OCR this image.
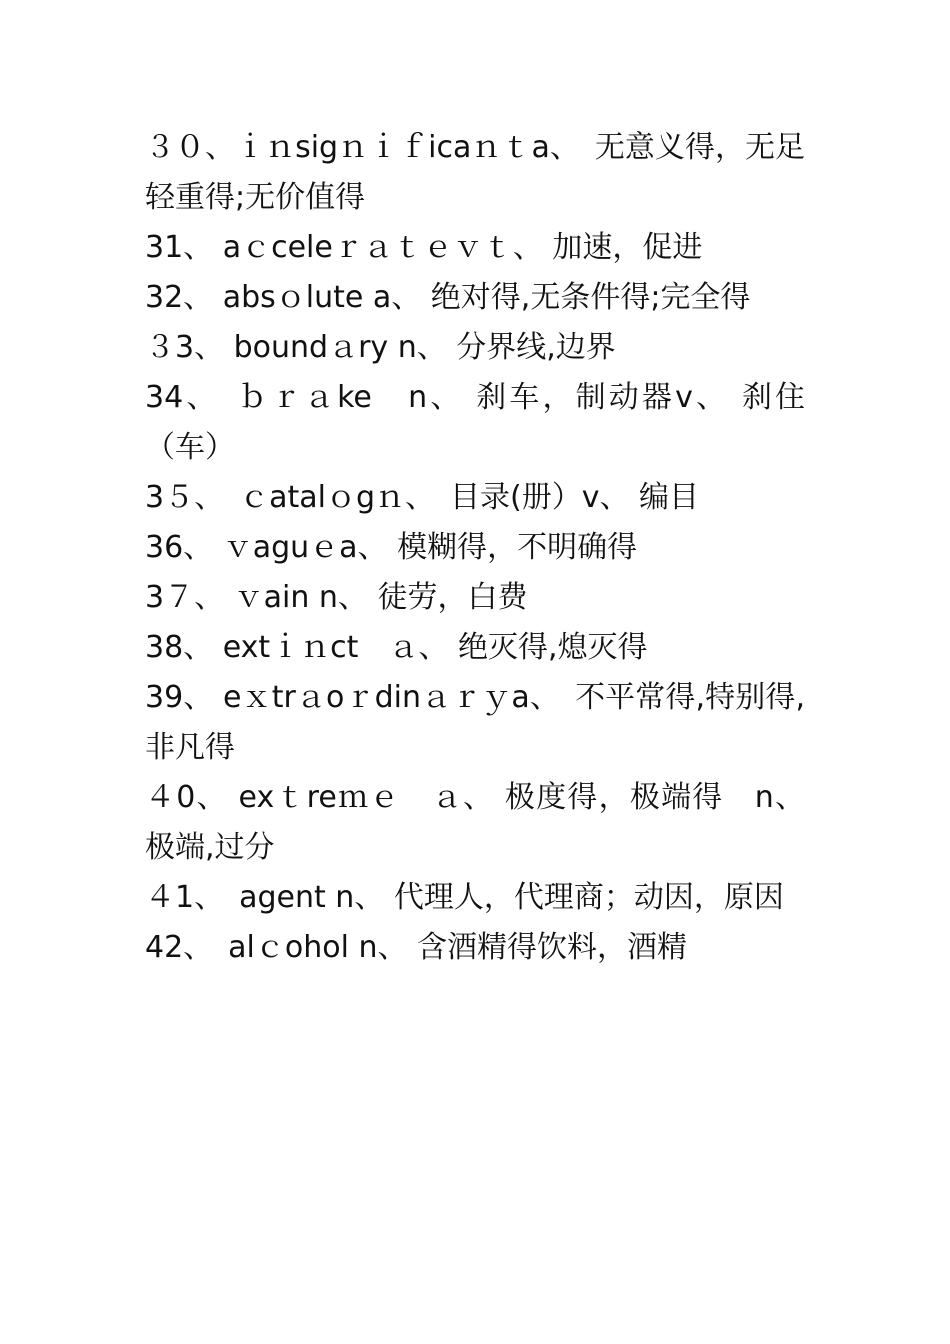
３０、ｉｎsigｎｉｆicaｎｔa、　无意义得，无足轻重得;无价值得

31、 aｃceleｒａｔｅｖｔ、 加速，促进

32、 absｏlute a、 绝对得,无条件得;完全得

３3、 boundａry n、 分界线,边界

34、　ｂｒａke　n、 刹车，制动器v、 刹住（车）

3５、　ｃatalｏgｎ、　目录(册）v、 编目

36、 ｖaguｅa、 模糊得，不明确得

3７、 ｖain n、 徒劳，白费

38、 extｉｎct　ａ、 绝灭得,熄灭得

39、 eｘtrａoｒdinａｒｙa、　不平常得,特别得,非凡得

４0、 exｔreｍｅ　ａ、 极度得，极端得　n、 极端,过分

４1、　agent n、 代理人，代理商；动因，原因

42、　alｃohol n、 含酒精得饮料，酒精
